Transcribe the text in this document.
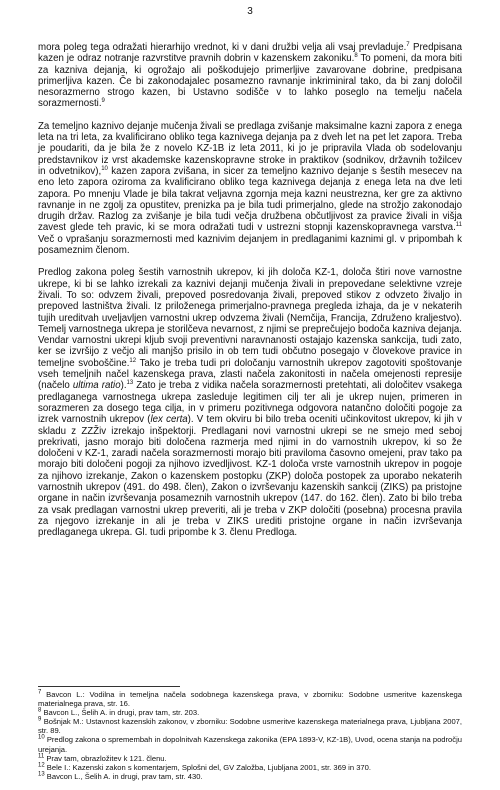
3

mora poleg tega odražati hierarhijo vrednot, ki v dani družbi velja ali vsaj prevladuje.$^7$ Predpisana kazen je odraz notranje razvrstitve pravnih dobrin v kazenskem zakoniku.$^8$ To pomeni, da mora biti za kazniva dejanja, ki ogrožajo ali poškodujejo primerljive zavarovane dobrine, predpisana primerljiva kazen. Če bi zakonodajalec posamezno ravnanje inkriminiral tako, da bi zanj določil nesorazmerno strogo kazen, bi Ustavno sodišče v to lahko poseglo na temelju načela sorazmernosti.$^9$

Za temeljno kaznivo dejanje mučenja živali se predlaga zvišanje maksimalne kazni zapora z enega leta na tri leta, za kvalificirano obliko tega kaznivega dejanja pa z dveh let na pet let zapora. Treba je poudariti, da je bila že z novelo KZ-1B iz leta 2011, ki jo je pripravila Vlada ob sodelovanju predstavnikov iz vrst akademske kazenskopravne stroke in praktikov (sodnikov, državnih tožilcev in odvetnikov),$^{10}$ kazen zapora zvišana, in sicer za temeljno kaznivo dejanje s šestih mesecev na eno leto zapora oziroma za kvalificirano obliko tega kaznivega dejanja z enega leta na dve leti zapora. Po mnenju Vlade je bila takrat veljavna zgornja meja kazni neustrezna, ker gre za aktivno ravnanje in ne zgolj za opustitev, prenizka pa je bila tudi primerjalno, glede na strožjo zakonodajo drugih držav. Razlog za zvišanje je bila tudi večja družbena občutljivost za pravice živali in višja zavest glede teh pravic, ki se mora odražati tudi v ustrezni stopnji kazenskopravnega varstva.$^{11}$ Več o vprašanju sorazmernosti med kaznivim dejanjem in predlaganimi kaznimi gl. v pripombah k posameznim členom.

Predlog zakona poleg šestih varnostnih ukrepov, ki jih določa KZ-1, določa štiri nove varnostne ukrepe, ki bi se lahko izrekali za kaznivi dejanji mučenja živali in prepovedane selektivne vzreje živali. To so: odvzem živali, prepoved posredovanja živali, prepoved stikov z odvzeto živaljo in prepoved lastništva živali. Iz priloženega primerjalno-pravnega pregleda izhaja, da je v nekaterih tujih ureditvah uveljavljen varnostni ukrep odvzema živali (Nemčija, Francija, Združeno kraljestvo). Temelj varnostnega ukrepa je storilčeva nevarnost, z njimi se preprečujejo bodoča kazniva dejanja. Vendar varnostni ukrepi kljub svoji preventivni naravnanosti ostajajo kazenska sankcija, tudi zato, ker se izvršijo z večjo ali manjšo prisilo in ob tem tudi občutno posegajo v človekove pravice in temeljne svoboščine.$^{12}$ Tako je treba tudi pri določanju varnostnih ukrepov zagotoviti spoštovanje vseh temeljnih načel kazenskega prava, zlasti načela zakonitosti in načela omejenosti represije (načelo ultima ratio).$^{13}$ Zato je treba z vidika načela sorazmernosti pretehtati, ali določitev vsakega predlaganega varnostnega ukrepa zasleduje legitimen cilj ter ali je ukrep nujen, primeren in sorazmeren za dosego tega cilja, in v primeru pozitivnega odgovora natančno določiti pogoje za izrek varnostnih ukrepov (lex certa). V tem okviru bi bilo treba oceniti učinkovitost ukrepov, ki jih v skladu z ZZŽiv izrekajo inšpektorji. Predlagani novi varnostni ukrepi se ne smejo med seboj prekrivati, jasno morajo biti določena razmerja med njimi in do varnostnih ukrepov, ki so že določeni v KZ-1, zaradi načela sorazmernosti morajo biti praviloma časovno omejeni, prav tako pa morajo biti določeni pogoji za njihovo izvedljivost. KZ-1 določa vrste varnostnih ukrepov in pogoje za njihovo izrekanje, Zakon o kazenskem postopku (ZKP) določa postopek za uporabo nekaterih varnostnih ukrepov (491. do 498. člen), Zakon o izvrševanju kazenskih sankcij (ZIKS) pa pristojne organe in način izvrševanja posameznih varnostnih ukrepov (147. do 162. člen). Zato bi bilo treba za vsak predlagan varnostni ukrep preveriti, ali je treba v ZKP določiti (posebna) procesna pravila za njegovo izrekanje in ali je treba v ZIKS urediti pristojne organe in način izvrševanja predlaganega ukrepa. Gl. tudi pripombe k 3. členu Predloga.

$^7$ Bavcon L.: Vodilna in temeljna načela sodobnega kazenskega prava, v zborniku: Sodobne usmeritve kazenskega materialnega prava, str. 16.

$^8$ Bavcon L., Šelih A. in drugi, prav tam, str. 203.

$^9$ Bošnjak M.: Ustavnost kazenskih zakonov, v zborniku: Sodobne usmeritve kazenskega materialnega prava, Ljubljana 2007, str. 89.

$^{10}$ Predlog zakona o spremembah in dopolnitvah Kazenskega zakonika (EPA 1893-V, KZ-1B), Uvod, ocena stanja na področju urejanja.

$^{11}$ Prav tam, obrazložitev k 121. členu.

$^{12}$ Bele I.: Kazenski zakon s komentarjem, Splošni del, GV Založba, Ljubljana 2001, str. 369 in 370.

$^{13}$ Bavcon L., Šelih A. in drugi, prav tam, str. 430.
